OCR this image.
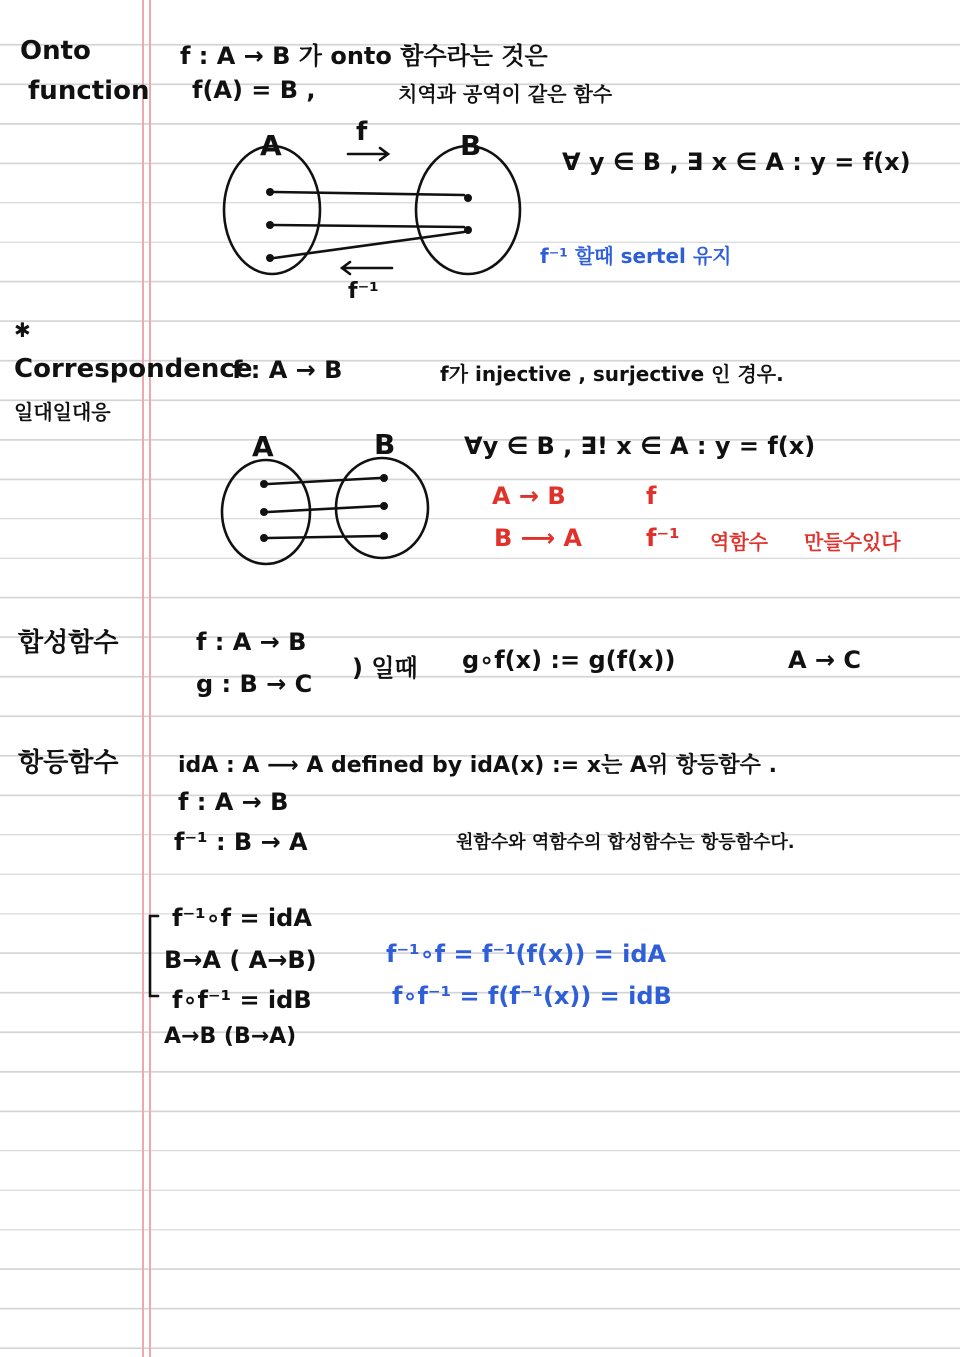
Onto
function
f : A → B 가 onto 함수라는 것은
f(A) = B ,	치역과 공역이 같은 함수
A	B
f
f⁻¹
∀ y ∈ B , ∃ x ∈ A : y = f(x)
f⁻¹ 할때 sertel 유지
✱
Correspondence
일대일대응
f : A → B	f가 injective , surjective 인 경우.
A	B	∀y ∈ B , ∃! x ∈ A : y = f(x)
A → B	f
B ⟶ A	f⁻¹ 역함수 만들수있다
합성함수	f : A → B
g : B → C
) 일때 g∘f(x) := g(f(x))	A → C
항등함수	idA : A ⟶ A defined by idA(x) := x는 A위 항등함수 .
f : A → B
f⁻¹ : B → A	원함수와 역함수의 합성함수는 항등함수다.
f⁻¹∘f = idA
B→A ( A→B)
f∘f⁻¹ = idB
A→B (B→A)
f⁻¹∘f = f⁻¹(f(x)) = idA
f∘f⁻¹ = f(f⁻¹(x)) = idB
